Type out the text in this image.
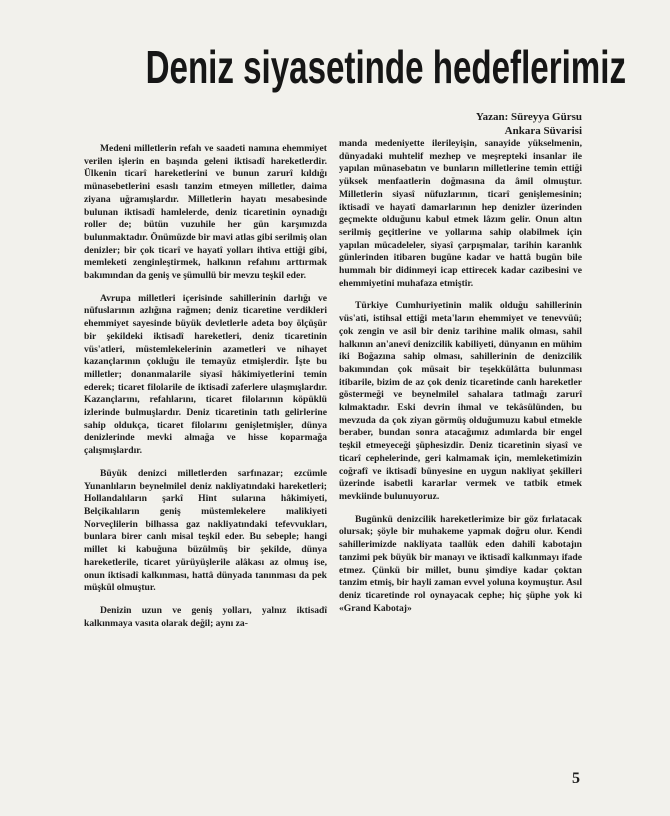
Deniz siyasetinde hedeflerimiz
Yazan: Süreyya Gürsu
Ankara Süvarisi

Medeni milletlerin refah ve saadeti namına ehemmiyet verilen işlerin en başında geleni iktisadî hareketlerdir. Ülkenin ticarî hareketlerini ve bunun zarurî kıldığı münasebetlerini esaslı tanzim etmeyen milletler, daima ziyana uğramışlardır. Milletlerin hayatı mesabesinde bulunan iktisadî hamlelerde, deniz ticaretinin oynadığı roller de; bütün vuzuhile her gün karşımızda bulunmaktadır. Önümüzde bir mavi atlas gibi serilmiş olan denizler; bir çok ticarî ve hayatî yolları ihtiva ettiği gibi, memleketi zenginleştirmek, halkının refahını arttırmak bakımından da geniş ve şümullü bir mevzu teşkil eder.

Avrupa milletleri içerisinde sahillerinin darlığı ve nüfuslarının azlığına rağmen; deniz ticaretine verdikleri ehemmiyet sayesinde büyük devletlerle adeta boy ölçüşür bir şekildeki iktisadî hareketleri, deniz ticaretinin vüs'atleri, müstemlekelerinin azametleri ve nihayet kazançlarının çokluğu ile temayüz etmişlerdir. İşte bu milletler; donanmalarile siyasî hâkimiyetlerini temin ederek; ticaret filolarile de iktisadî zaferlere ulaşmışlardır. Kazançlarını, refahlarını, ticaret filolarının köpüklü izlerinde bulmuşlardır. Deniz ticaretinin tatlı gelirlerine sahip oldukça, ticaret filolarını genişletmişler, dünya denizlerinde mevki almağa ve hisse koparmağa çalışmışlardır.

Büyük denizci milletlerden sarfınazar; ezcümle Yunanlıların beynelmilel deniz nakliyatındaki hareketleri; Hollandalıların şarkî Hint sularına hâkimiyeti, Belçikalıların geniş müstemlekelere malikiyeti Norveçlilerin bilhassa gaz nakliyatındaki tefevvukları, bunlara birer canlı misal teşkil eder. Bu sebeple; hangi millet ki kabuğuna büzülmüş bir şekilde, dünya hareketlerile, ticaret yürüyüşlerile alâkası az olmuş ise, onun iktisadî kalkınması, hattâ dünyada tanınması da pek müşkül olmuştur.

Denizin uzun ve geniş yolları, yalnız iktisadî kalkınmaya vasıta olarak değil; aynı za-

manda medeniyette ilerileyişin, sanayide yükselmenin, dünyadaki muhtelif mezhep ve meşrepteki insanlar ile yapılan münasebatın ve bunların milletlerine temin ettiği yüksek menfaatlerin doğmasına da âmil olmuştur. Milletlerin siyasî nüfuzlarının, ticarî genişlemesinin; iktisadî ve hayatî damarlarının hep denizler üzerinden geçmekte olduğunu kabul etmek lâzım gelir. Onun altın serilmiş geçitlerine ve yollarına sahip olabilmek için yapılan mücadeleler, siyasî çarpışmalar, tarihin karanlık günlerinden itibaren bugüne kadar ve hattâ bugün bile hummalı bir didinmeyi icap ettirecek kadar cazibesini ve ehemmiyetini muhafaza etmiştir.

Türkiye Cumhuriyetinin malik olduğu sahillerinin vüs'ati, istihsal ettiği meta'ların ehemmiyet ve tenevvüü; çok zengin ve asil bir deniz tarihine malik olması, sahil halkının an'anevî denizcilik kabiliyeti, dünyanın en mühim iki Boğazına sahip olması, sahillerinin de denizcilik bakımından çok müsait bir teşekkülâtta bulunması itibarile, bizim de az çok deniz ticaretinde canlı hareketler göstermeği ve beynelmilel sahalara tatlmağı zarurî kılmaktadır. Eski devrin ihmal ve tekâsülünden, bu mevzuda da çok ziyan görmüş olduğumuzu kabul etmekle beraber, bundan sonra atacağımız adımlarda bir engel teşkil etmeyeceği şüphesizdir. Deniz ticaretinin siyasî ve ticarî cephelerinde, geri kalmamak için, memleketimizin coğrafî ve iktisadî bünyesine en uygun nakliyat şekilleri üzerinde isabetli kararlar vermek ve tatbik etmek mevkiinde bulunuyoruz.

Bugünkü denizcilik hareketlerimize bir göz fırlatacak olursak; şöyle bir muhakeme yapmak doğru olur. Kendi sahillerimizde nakliyata taallûk eden dahilî kabotajın tanzimi pek büyük bir manayı ve iktisadî kalkınmayı ifade etmez. Çünkü bir millet, bunu şimdiye kadar çoktan tanzim etmiş, bir hayli zaman evvel yoluna koymuştur. Asıl deniz ticaretinde rol oynayacak cephe; hiç şüphe yok ki «Grand Kabotaj»

5
